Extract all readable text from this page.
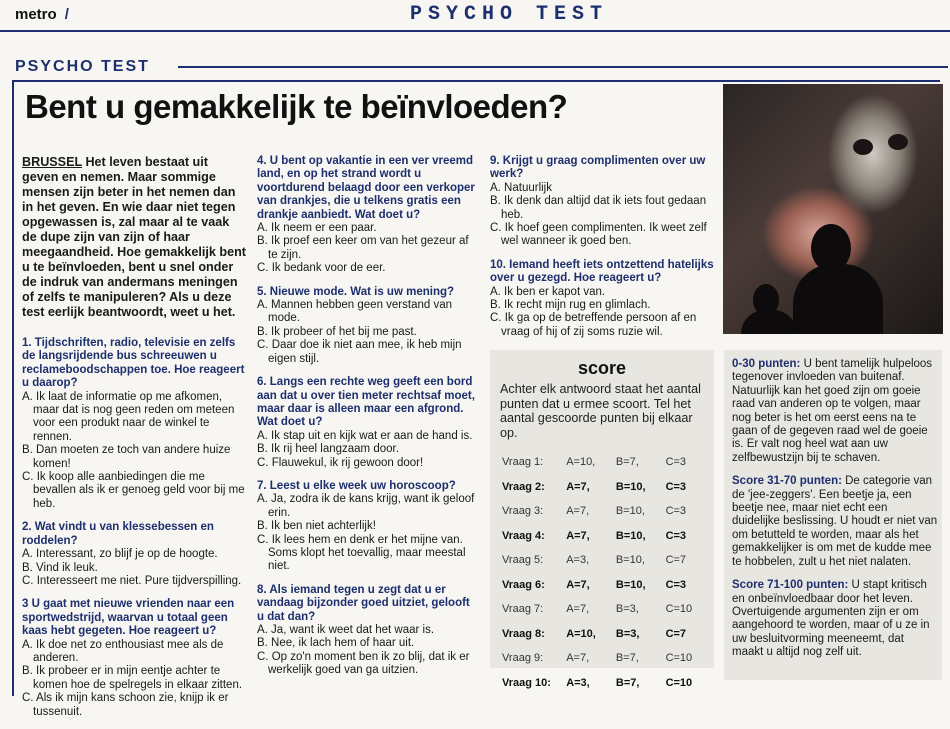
metro /	PSYCHO TEST
PSYCHO TEST
Bent u gemakkelijk te beïnvloeden?
BRUSSEL Het leven bestaat uit geven en nemen. Maar sommige mensen zijn beter in het nemen dan in het geven. En wie daar niet tegen opgewassen is, zal maar al te vaak de dupe zijn van zijn of haar meegaandheid. Hoe gemakkelijk bent u te beïnvloeden, bent u snel onder de indruk van andermans meningen of zelfs te manipuleren? Als u deze test eerlijk beantwoordt, weet u het.

1. Tijdschriften, radio, televisie en zelfs de langsrijdende bus schreeuwen u reclameboodschappen toe. Hoe reageert u daarop?

A. Ik laat de informatie op me afkomen, maar dat is nog geen reden om meteen voor een produkt naar de winkel te rennen.

B. Dan moeten ze toch van andere huize komen!

C. Ik koop alle aanbiedingen die me bevallen als ik er genoeg geld voor bij me heb.

2. Wat vindt u van klessebessen en roddelen?

A. Interessant, zo blijf je op de hoogte.

B. Vind ik leuk.

C. Interesseert me niet. Pure tijdverspilling.

3 U gaat met nieuwe vrienden naar een sportwedstrijd, waarvan u totaal geen kaas hebt gegeten. Hoe reageert u?

A. Ik doe net zo enthousiast mee als de anderen.

B. Ik probeer er in mijn eentje achter te komen hoe de spelregels in elkaar zitten.

C. Als ik mijn kans schoon zie, knijp ik er tussenuit.

4. U bent op vakantie in een ver vreemd land, en op het strand wordt u voortdurend belaagd door een verkoper van drankjes, die u telkens gratis een drankje aanbiedt. Wat doet u?

A. Ik neem er een paar.

B. Ik proef een keer om van het gezeur af te zijn.

C. Ik bedank voor de eer.

5. Nieuwe mode. Wat is uw mening?

A. Mannen hebben geen verstand van mode.

B. Ik probeer of het bij me past.

C. Daar doe ik niet aan mee, ik heb mijn eigen stijl.

6. Langs een rechte weg geeft een bord aan dat u over tien meter rechtsaf moet, maar daar is alleen maar een afgrond. Wat doet u?

A. Ik stap uit en kijk wat er aan de hand is.

B. Ik rij heel langzaam door.

C. Flauwekul, ik rij gewoon door!

7. Leest u elke week uw horoscoop?

A. Ja, zodra ik de kans krijg, want ik geloof erin.

B. Ik ben niet achterlijk!

C. Ik lees hem en denk er het mijne van. Soms klopt het toevallig, maar meestal niet.

8. Als iemand tegen u zegt dat u er vandaag bijzonder goed uitziet, gelooft u dat dan?

A. Ja, want ik weet dat het waar is.

B. Nee, ik lach hem of haar uit.

C. Op zo'n moment ben ik zo blij, dat ik er werkelijk goed van ga uitzien.

9. Krijgt u graag complimenten over uw werk?

A. Natuurlijk

B. Ik denk dan altijd dat ik iets fout gedaan heb.

C. Ik hoef geen complimenten. Ik weet zelf wel wanneer ik goed ben.

10. Iemand heeft iets ontzettend hatelijks over u gezegd. Hoe reageert u?

A. Ik ben er kapot van.

B. Ik recht mijn rug en glimlach.

C. Ik ga op de betreffende persoon af en vraag of hij of zij soms ruzie wil.

score
Achter elk antwoord staat het aantal punten dat u ermee scoort. Tel het aantal gescoorde punten bij elkaar op.
Vraag 1:	A=10,	B=7,	C=3
Vraag 2:	A=7,	B=10,	C=3
Vraag 3:	A=7,	B=10,	C=3
Vraag 4:	A=7,	B=10,	C=3
Vraag 5:	A=3,	B=10,	C=7
Vraag 6:	A=7,	B=10,	C=3
Vraag 7:	A=7,	B=3,	C=10
Vraag 8:	A=10,	B=3,	C=7
Vraag 9:	A=7,	B=7,	C=10
Vraag 10:	A=3,	B=7,	C=10

0-30 punten: U bent tamelijk hulpeloos tegenover invloeden van buitenaf. Natuurlijk kan het goed zijn om goeie raad van anderen op te volgen, maar nog beter is het om eerst eens na te gaan of de gegeven raad wel de goeie is. Er valt nog heel wat aan uw zelfbewustzijn bij te schaven.

Score 31-70 punten: De categorie van de 'jee-zeggers'. Een beetje ja, een beetje nee, maar niet echt een duidelijke beslissing. U houdt er niet van om betutteld te worden, maar als het gemakkelijker is om met de kudde mee te hobbelen, zult u het niet nalaten.

Score 71-100 punten: U stapt kritisch en onbeïnvloedbaar door het leven. Overtuigende argumenten zijn er om aangehoord te worden, maar of u ze in uw besluitvorming meeneemt, dat maakt u altijd nog zelf uit.
